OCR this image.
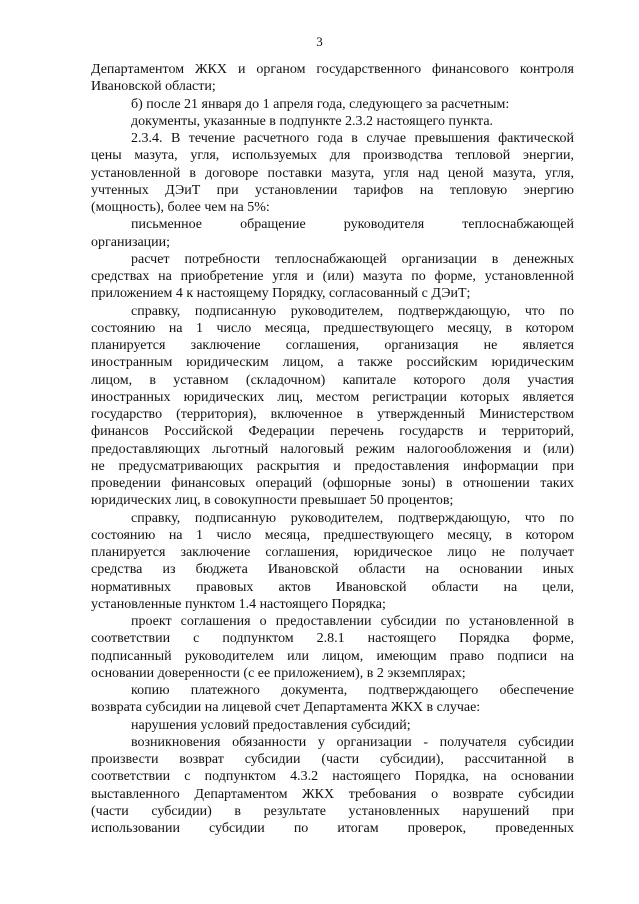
3
Департаментом ЖКХ и органом государственного финансового контроля
Ивановской области;
б) после 21 января до 1 апреля года, следующего за расчетным:
документы, указанные в подпункте 2.3.2 настоящего пункта.
2.3.4. В течение расчетного года в случае превышения фактической
цены мазута, угля, используемых для производства тепловой энергии,
установленной в договоре поставки мазута, угля над ценой мазута, угля,
учтенных ДЭиТ при установлении тарифов на тепловую энергию
(мощность), более чем на 5%:
письменное обращение руководителя теплоснабжающей
организации;
расчет потребности теплоснабжающей организации в денежных
средствах на приобретение угля и (или) мазута по форме, установленной
приложением 4 к настоящему Порядку, согласованный с ДЭиТ;
справку, подписанную руководителем, подтверждающую, что по
состоянию на 1 число месяца, предшествующего месяцу, в котором
планируется заключение соглашения, организация не является
иностранным юридическим лицом, а также российским юридическим
лицом, в уставном (складочном) капитале которого доля участия
иностранных юридических лиц, местом регистрации которых является
государство (территория), включенное в утвержденный Министерством
финансов Российской Федерации перечень государств и территорий,
предоставляющих льготный налоговый режим налогообложения и (или)
не предусматривающих раскрытия и предоставления информации при
проведении финансовых операций (офшорные зоны) в отношении таких
юридических лиц, в совокупности превышает 50 процентов;
справку, подписанную руководителем, подтверждающую, что по
состоянию на 1 число месяца, предшествующего месяцу, в котором
планируется заключение соглашения, юридическое лицо не получает
средства из бюджета Ивановской области на основании иных
нормативных правовых актов Ивановской области на цели,
установленные пунктом 1.4 настоящего Порядка;
проект соглашения о предоставлении субсидии по установленной в
соответствии с подпунктом 2.8.1 настоящего Порядка форме,
подписанный руководителем или лицом, имеющим право подписи на
основании доверенности (с ее приложением), в 2 экземплярах;
копию платежного документа, подтверждающего обеспечение
возврата субсидии на лицевой счет Департамента ЖКХ в случае:
нарушения условий предоставления субсидий;
возникновения обязанности у организации - получателя субсидии
произвести возврат субсидии (части субсидии), рассчитанной в
соответствии с подпунктом 4.3.2 настоящего Порядка, на основании
выставленного Департаментом ЖКХ требования о возврате субсидии
(части субсидии) в результате установленных нарушений при
использовании субсидии по итогам проверок, проведенных
